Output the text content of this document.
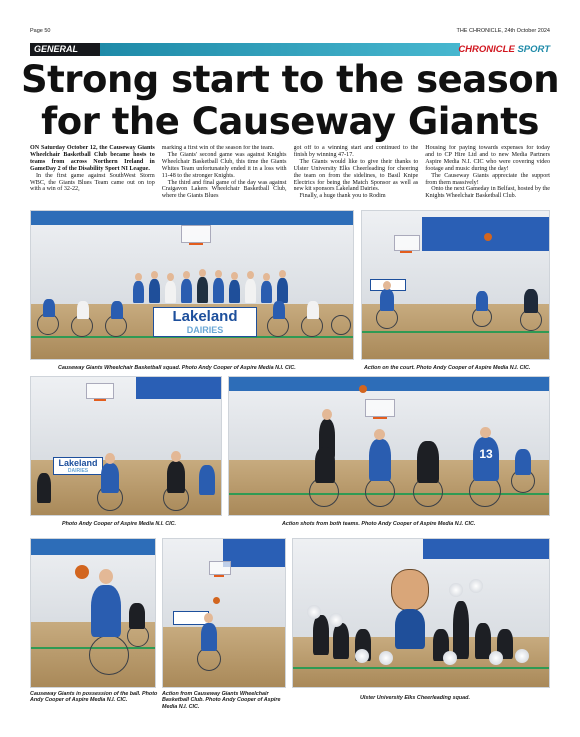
Page 50	THE CHRONICLE, 24th October 2024
GENERAL	CHRONICLE SPORT
Strong start to the season for the Causeway Giants

ON Saturday October 12, the Causeway Giants Wheelchair Basketball Club became hosts to teams from across Northern Ireland in GameDay 2 of the Disability Sport NI League.

In the first game against SouthWest Storm WBC, the Giants Blues Team came out on top with a win of 32-22,

marking a first win of the season for the team.

The Giants' second game was against Knights Wheelchair Basketball Club, this time the Giants Whites Team unfortunately ended it in a loss with 11-48 to the stronger Knights.

The third and final game of the day was against Craigavon Lakers Wheelchair Basketball Club, where the Giants Blues

got off to a winning start and continued to the finish by winning 47-17.

The Giants would like to give their thanks to Ulster University Elks Cheerleading for cheering the team on from the sidelines, to Basil Knipe Electrics for being the Match Sponsor as well as new kit sponsors Lakeland Dairies.

Finally, a huge thank you to Rodim

Housing for paying towards expenses for today and to CP Hire Ltd and to new Media Partners Aspire Media N.I. CIC who were covering video footage and music during the day!

The Causeway Giants appreciate the support from them massively!

Onto the next Gameday in Belfast, hosted by the Knights Wheelchair Basketball Club.

Lakeland
DAIRIES
Causeway Giants Wheelchair Basketball squad. Photo Andy Cooper of Aspire Media N.I. CIC.	Action on the court. Photo Andy Cooper of Aspire Media N.I. CIC.
Lakeland
DAIRIES
Photo Andy Cooper of Aspire Media N.I. CIC.
13
Action shots from both teams. Photo Andy Cooper of Aspire Media N.I. CIC.
Causeway Giants in possession of the ball. Photo Andy Cooper of Aspire Media N.I. CIC.
Action from Causeway Giants Wheelchair Basketball Club. Photo Andy Cooper of Aspire Media N.I. CIC.
Ulster University Elks Cheerleading squad.
